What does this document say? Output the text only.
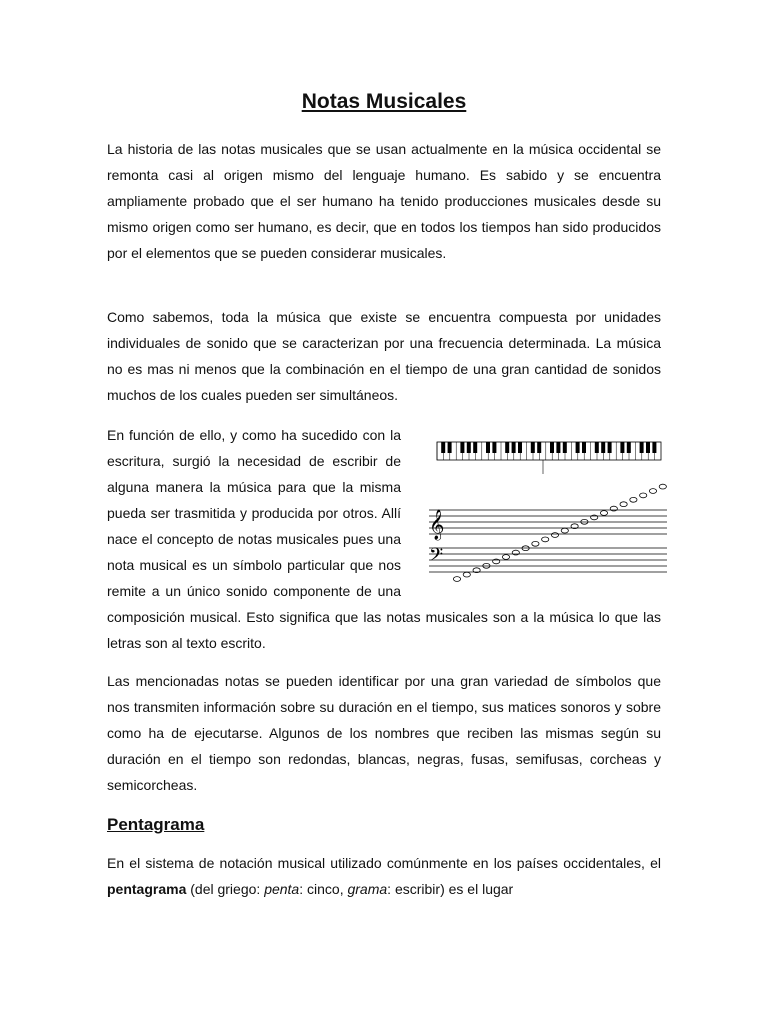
Notas Musicales

La historia de las notas musicales que se usan actualmente en la música occidental se remonta casi al origen mismo del lenguaje humano. Es sabido y se encuentra ampliamente probado que el ser humano ha tenido producciones musicales desde su mismo origen como ser humano, es decir, que en todos los tiempos han sido producidos por el elementos que se pueden considerar musicales.

Como sabemos, toda la música que existe se encuentra compuesta por unidades individuales de sonido que se caracterizan por una frecuencia determinada. La música no es mas ni menos que la combinación en el tiempo de una gran cantidad de sonidos muchos de los cuales pueden ser simultáneos.

En función de ello, y como ha sucedido con la escritura, surgió la necesidad de escribir de alguna manera la música para que la misma pueda ser trasmitida y producida por otros. Allí nace el concepto de notas musicales pues una nota musical es un símbolo particular que nos remite a un único sonido componente de una composición musical. Esto significa que las notas musicales son a la música lo que las letras son al texto escrito.

Las mencionadas notas se pueden identificar por una gran variedad de símbolos que nos transmiten información sobre su duración en el tiempo, sus matices sonoros y sobre como ha de ejecutarse. Algunos de los nombres que reciben las mismas según su duración en el tiempo son redondas, blancas, negras, fusas, semifusas, corcheas y semicorcheas.

Pentagrama

En el sistema de notación musical utilizado comúnmente en los países occidentales, el pentagrama (del griego: penta: cinco, grama: escribir) es el lugar

𝄞
𝄢
